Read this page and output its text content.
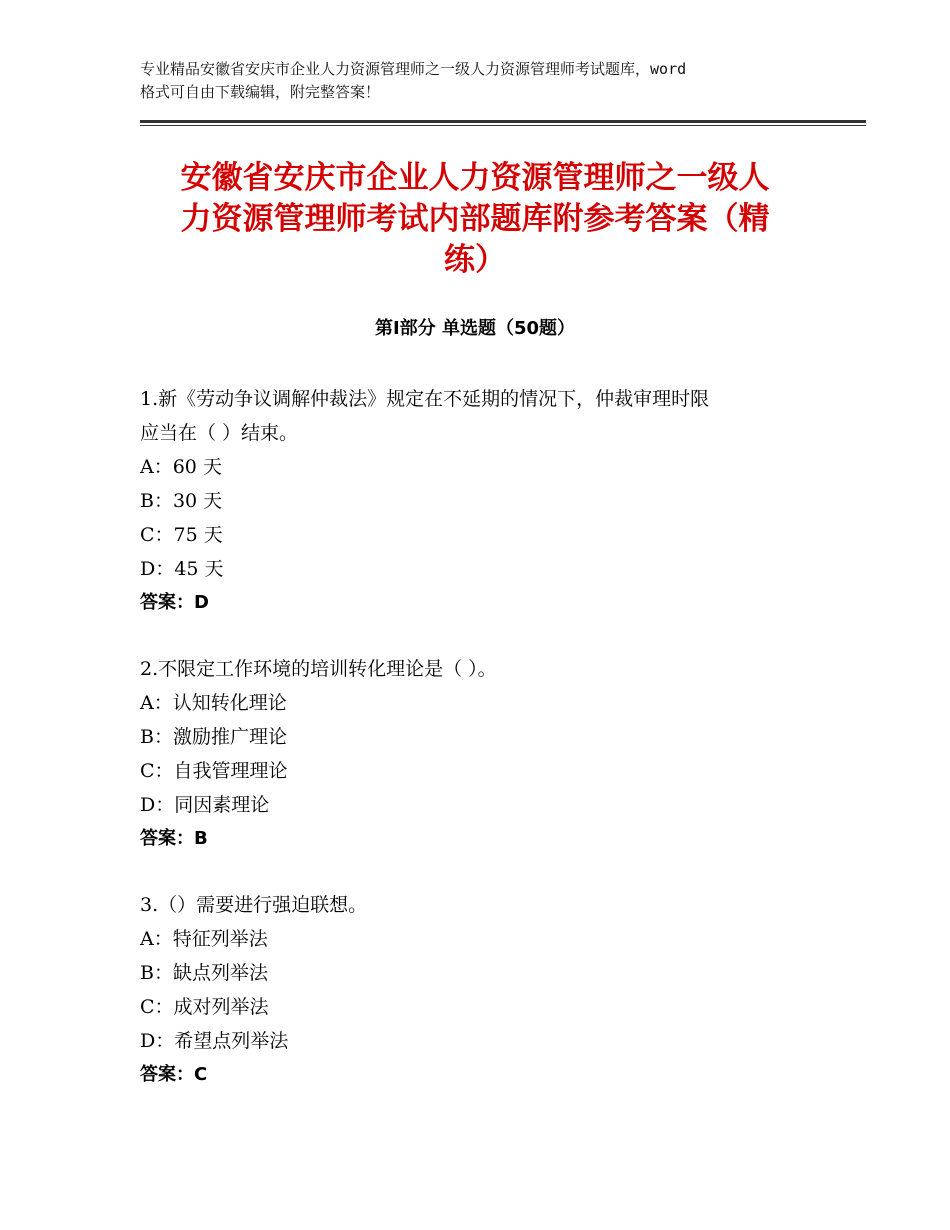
专业精品安徽省安庆市企业人力资源管理师之一级人力资源管理师考试题库，word
格式可自由下载编辑，附完整答案！
安徽省安庆市企业人力资源管理师之一级人
力资源管理师考试内部题库附参考答案（精
练）
第Ⅰ部分 单选题（50题）
1.新《劳动争议调解仲裁法》规定在不延期的情况下，仲裁审理时限
应当在（ ）结束。
A：60 天
B：30 天
C：75 天
D：45 天
答案：D
2.不限定工作环境的培训转化理论是（ ）。
A：认知转化理论
B：激励推广理论
C：自我管理理论
D：同因素理论
答案：B
3.（）需要进行强迫联想。
A：特征列举法
B：缺点列举法
C：成对列举法
D：希望点列举法
答案：C
